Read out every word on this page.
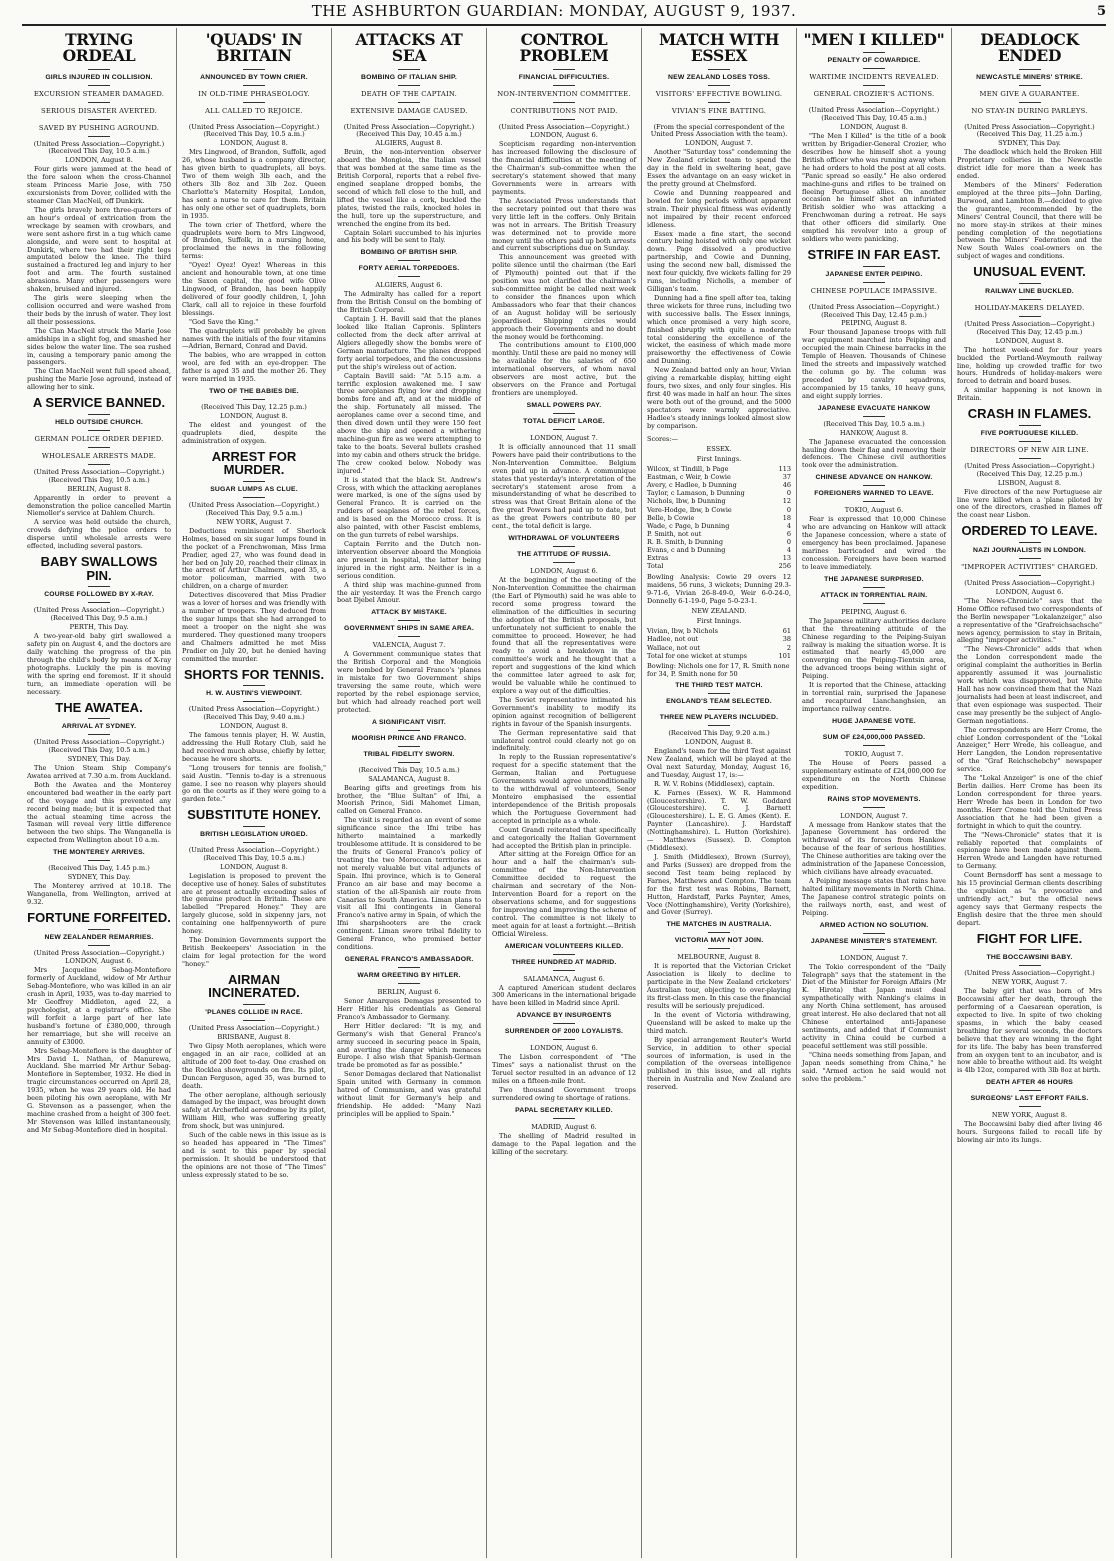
THE ASHBURTON GUARDIAN: MONDAY, AUGUST 9, 1937.	5
TRYING ORDEAL
GIRLS INJURED IN COLLISION.
EXCURSION STEAMER DAMAGED.
SERIOUS DISASTER AVERTED.
SAVED BY PUSHING AGROUND.
(United Press Association—Copyright.) (Received This Day, 10.5 a.m.)
LONDON, August 8.

Four girls were jammed at the head of the fore saloon when the cross-Channel steam Princess Marie Jose, with 750 excursionists from Dover, collided with the steamer Clan MacNeil, off Dunkirk.

The girls bravely bore three-quarters of an hour's ordeal of extrication from the wreckage by seamen with crowbars, and were sent ashore first in a tug which came alongside, and were sent to hospital at Dunkirk, where two had their right legs amputated below the knee. The third sustained a fractured leg and injury to her foot and arm. The fourth sustained abrasions. Many other passengers were shaken, bruised and injured.

The girls were sleeping when the collision occurred and were washed from their beds by the inrush of water. They lost all their possessions.

The Clan MacNeil struck the Marie Jose amidships in a slight fog, and smashed her sides below the water line. The sea rushed in, causing a temporary panic among the passengers.

The Clan MacNeil went full speed ahead, pushing the Marie Jose aground, instead of allowing her to sink.

A SERVICE BANNED.
HELD OUTSIDE CHURCH.
GERMAN POLICE ORDER DEFIED.
WHOLESALE ARRESTS MADE.
(United Press Association—Copyright.) (Received This Day, 10.5 a.m.)
BERLIN, August 8.

Apparently in order to prevent a demonstration the police cancelled Martin Niemoller's service at Dahlem Church.

A service was held outside the church, crowds defying the police orders to disperse until wholesale arrests were effected, including several pastors.

BABY SWALLOWS PIN.
COURSE FOLLOWED BY X-RAY.
(United Press Association—Copyright.) (Received This Day, 9.5 a.m.)
PERTH, This Day.

A two-year-old baby girl swallowed a safety pin on August 4, and the doctors are daily watching the progress of the pin through the child's body by means of X-ray photographs. Luckily the pin is moving with the spring end foremost. If it should turn, an immediate operation will be necessary.

THE AWATEA.
ARRIVAL AT SYDNEY.
(United Press Association—Copyright.) (Received This Day, 10.5 a.m.)
SYDNEY, This Day.

The Union Steam Ship Company's Awatea arrived at 7.30 a.m. from Auckland.

Both the Awatea and the Monterey encountered bad weather in the early part of the voyage and this prevented any record being made; but it is expected that the actual steaming time across the Tasman will reveal very little difference between the two ships. The Wanganella is expected from Wellington about 10 a.m.

THE MONTEREY ARRIVES.
(Received This Day, 1.45 p.m.)
SYDNEY, This Day.

The Monterey arrived at 10.18. The Wanganella, from Wellington, arrived at 9.32.

FORTUNE FORFEITED.
NEW ZEALANDER REMARRIES.
(United Press Association—Copyright.)
LONDON, August 6.

Mrs Jacqueline Sebag-Montefiore formerly of Auckland, widow of Mr Arthur Sebag-Montefiore, who was killed in an air crash in April, 1935, was to-day married to Mr Geoffrey Middleton, aged 22, a psychologist, at a registrar's office. She will forfeit a large part of her late husband's fortune of £380,000, through her remarriage, but she will receive an annuity of £3000.

Mrs Sebag-Montefiore is the daughter of Mrs David L. Nathan, of Manurewa, Auckland. She married Mr Arthur Sebag-Montefiore in September, 1932. He died in tragic circumstances occurred on April 28, 1935, when he was 29 years old. He had been piloting his own aeroplane, with Mr G. Stevenson as a passenger, when the machine crashed from a height of 300 feet. Mr Stevenson was killed instantaneously, and Mr Sebag-Montefiore died in hospital.

'QUADS' IN BRITAIN
ANNOUNCED BY TOWN CRIER.
IN OLD-TIME PHRASEOLOGY.
ALL CALLED TO REJOICE.
(United Press Association—Copyright.) (Received This Day, 10.5 a.m.)
LONDON, August 8.

Mrs Lingwood, of Brandon, Suffolk, aged 26, whose husband is a company director, has given birth to quadruplets, all boys. Two of them weigh 3lb each, and the others 3lb 8oz and 3lb 2oz. Queen Charlotte's Maternity Hospital, London, has sent a nurse to care for them. Britain has only one other set of quadruplets, born in 1935.

The town crier of Thetford, where the quadruplets were born to Mrs Lingwood, of Brandon, Suffolk, in a nursing home, proclaimed the news in the following terms:

"Oyez! Oyez! Oyez! Whereas in this ancient and honourable town, at one time the Saxon capital, the good wife Olive Lingwood, of Brandon, has been happily delivered of four goodly children, I, John Clark, call all to rejoice in these fourfold blessings.

"God Save the King."

The quadruplets will probably be given names with the initials of the four vitamins—Adrian, Bernard, Conrad and David.

The babies, who are wrapped in cotton wool, are fed with an eye-dropper. The father is aged 35 and the mother 26. They were married in 1935.

TWO OF THE BABIES DIE.
(Received This Day, 12.25 p.m.)
LONDON, August 8.

The eldest and youngest of the quadruplets died, despite the administration of oxygen.

ARREST FOR MURDER.
SUGAR LUMPS AS CLUE.
(United Press Association—Copyright.) (Received This Day, 9.5 a.m.)
NEW YORK, August 7.

Deductions reminiscent of Sherlock Holmes, based on six sugar lumps found in the pocket of a Frenchwoman, Miss Irma Pradier, aged 27, who was found dead in her bed on July 20, reached their climax in the arrest of Arthur Chalmers, aged 35, a motor policeman, married with two children, on a charge of murder.

Detectives discovered that Miss Pradier was a lover of horses and was friendly with a number of troopers. They deduced from the sugar lumps that she had arranged to meet a trooper on the night she was murdered. They questioned many troopers and Chalmers admitted he met Miss Pradier on July 20, but he denied having committed the murder.

SHORTS FOR TENNIS.
H. W. AUSTIN'S VIEWPOINT.
(United Press Association—Copyright.) (Received This Day, 9.40 a.m.)
LONDON, August 8.

The famous tennis player, H. W. Austin, addressing the Hull Rotary Club, said he had received much abuse, chiefly by letter, because he wore shorts.

"Long trousers for tennis are foolish," said Austin. "Tennis to-day is a strenuous game. I see no reason why players should go on the courts as if they were going to a garden fete."

SUBSTITUTE HONEY.
BRITISH LEGISLATION URGED.
(United Press Association—Copyright.) (Received This Day, 10.5 a.m.)
LONDON, August 8.

Legislation is proposed to prevent the deceptive use of honey. Sales of substitutes are at present actually exceeding sales of the genuine product in Britain. These are labelled "Prepared Honey." They are largely glucose, sold in sixpenny jars, not containing one halfpennyworth of pure honey.

The Dominion Governments support the British Beekeepers' Association in the claim for legal protection for the word "honey."

AIRMAN INCINERATED.
'PLANES COLLIDE IN RACE.
(United Press Association—Copyright.)
BRISBANE, August 8.

Two Gipsy Moth aeroplanes, which were engaged in an air race, collided at an altitude of 200 feet to-day. One crashed on the Rocklea showgrounds on fire. Its pilot, Duncan Ferguson, aged 35, was burned to death.

The other aeroplane, although seriously damaged by the impact, was brought down safely at Archerfield aerodrome by its pilot, William Hill, who was suffering greatly from shock, but was uninjured.

Such of the cable news in this issue as is so headed has appeared in "The Times" and is sent to this paper by special permission. It should be understood that the opinions are not those of "The Times" unless expressly stated to be so.

ATTACKS AT SEA
BOMBING OF ITALIAN SHIP.
DEATH OF THE CAPTAIN.
EXTENSIVE DAMAGE CAUSED.
(United Press Association—Copyright.) (Received This Day, 10.45 a.m.)
ALGIERS, August 8.

Bruin, the non-intervention observer aboard the Mongioia, the Italian vessel that was bombed at the same time as the British Corporal, reports that a rebel five-engined seaplane dropped bombs, the second of which fell close to the hull, and lifted the vessel like a cork, buckled the plates, twisted the rails, knocked holes in the hull, tore up the superstructure, and wrenched the engine from its bed.

Captain Solari succumbed to his injuries and his body will be sent to Italy.

BOMBING OF BRITISH SHIP.
FORTY AERIAL TORPEDOES.
ALGIERS, August 6.

The Admiralty has called for a report from the British Consul on the bombing of the British Corporal.

Captain J. H. Bavill said that the planes looked like Italian Capronis. Splinters collected from the deck after arrival at Algiers allegedly show the bombs were of German manufacture. The planes dropped forty aerial torpedoes, and the concussions put the ship's wireless out of action.

Captain Bavill said: "At 5.15 a.m. a terrific explosion awakened me. I saw three aeroplanes flying low and dropping bombs fore and aft, and at the middle of the ship. Fortunately all missed. The aeroplanes came over a second time, and then dived down until they were 150 feet above the ship and opened a withering machine-gun fire as we were attempting to take to the boats. Several bullets crashed into my cabin and others struck the bridge. The crew cooked below. Nobody was injured."

It is stated that the black St. Andrew's Cross, with which the attacking aeroplanes were marked, is one of the signs used by General Franco. It is carried on the rudders of seaplanes of the rebel forces, and is based on the Morocco cross. It is also painted, with other Fascist emblems, on the gun turrets of rebel warships.

Captain Ferrito and the Dutch non-intervention observer aboard the Mongioia are present in hospital, the latter being injured in the right arm. Neither is in a serious condition.

A third ship was machine-gunned from the air yesterday. It was the French cargo boat Djebel Amour.

ATTACK BY MISTAKE.
GOVERNMENT SHIPS IN SAME AREA.
VALENCIA, August 7.

A Government communique states that the British Corporal and the Mongioia were bombed by General Franco's 'planes in mistake for two Government ships traversing the same route, which were reported by the rebel espionage service, but which had already reached port well protected.

A SIGNIFICANT VISIT.
MOORISH PRINCE AND FRANCO.
TRIBAL FIDELITY SWORN.
(Received This Day, 10.5 a.m.)
SALAMANCA, August 8.

Bearing gifts and greetings from his brother, the "Blue Sultan" of Ifni, a Moorish Prince, Sidi Mahomet Liman, called on General Franco.

The visit is regarded as an event of some significance since the Ifni tribe has hitherto maintained a markedly troublesome attitude. It is considered to be the fruits of General Franco's policy of treating the two Moroccan territories as not merely valuable but vital adjuncts of Spain. Ifni province, which is to General Franco an air base and may become a station of the all-Spanish air route from Canarias to South America. Liman plans to visit all Ifni contingents in General Franco's native army in Spain, of which the Ifni sharpshooters are the crack contingent. Liman swore tribal fidelity to General Franco, who promised better conditions.

GENERAL FRANCO'S AMBASSADOR.
WARM GREETING BY HITLER.
BERLIN, August 6.

Senor Amarques Demagas presented to Herr Hitler his credentials as General Franco's Ambassador to Germany.

Herr Hitler declared: "It is my, and Germany's wish that General Franco's army succeed in securing peace in Spain, and averting the danger which menaces Europe. I also wish that Spanish-German trade be promoted as far as possible."

Senor Demagas declared that Nationalist Spain united with Germany in common hatred of Communism, and was grateful without limit for Germany's help and friendship. He added: "Many Nazi principles will be applied to Spain."

CONTROL PROBLEM
FINANCIAL DIFFICULTIES.
NON-INTERVENTION COMMITTEE.
CONTRIBUTIONS NOT PAID.
(United Press Association—Copyright.)
LONDON, August 6.

Scepticism regarding non-intervention has increased following the disclosure of the financial difficulties at the meeting of the Chairman's sub-committee when the secretary's statement showed that many Governments were in arrears with payments.

The Associated Press understands that the secretary pointed out that there was very little left in the coffers. Only Britain was not in arrears. The British Treasury was determined not to provide more money until the others paid up both arrests and current subscriptions due on Sunday.

This announcement was greeted with polite silence until the chairman (the Earl of Plymouth) pointed out that if the position was not clarified the chairman's sub-committee might be called next week to consider the finances upon which Ambassadors who fear that their chances of an August holiday will be seriously jeopardised. Shipping circles would approach their Governments and no doubt the money would be forthcoming.

The contributions amount to £100,000 monthly. Until these are paid no money will be available for the salaries of 650 international observers, of whom naval observers are most active, but the observers on the France and Portugal frontiers are unemployed.

SMALL POWERS PAY.
TOTAL DEFICIT LARGE.
LONDON, August 7.

It is officially announced that 11 small Powers have paid their contributions to the Non-Intervention Committee. Belgium even paid up in advance. A communique states that yesterday's interpretation of the secretary's statement arose from a misunderstanding of what he described to stress was that Great Britain alone of the five great Powers had paid up to date, but as the great Powers contribute 80 per cent., the total deficit is large.

WITHDRAWAL OF VOLUNTEERS
THE ATTITUDE OF RUSSIA.
LONDON, August 6.

At the beginning of the meeting of the Non-Intervention Committee the chairman (the Earl of Plymouth) said he was able to record some progress toward the elimination of the difficulties in securing the adoption of the British proposals, but unfortunately not sufficient to enable the committee to proceed. However, he had found that all the representatives were ready to avoid a breakdown in the committee's work and he thought that a report and suggestions of the kind which the committee later agreed to ask for, would be valuable while he continued to explore a way out of the difficulties.

The Soviet representative intimated his Government's inability to modify its opinion against recognition of belligerent rights in favour of the Spanish insurgents.

The German representative said that unilateral control could clearly not go on indefinitely.

In reply to the Russian representative's request for a specific statement that the German, Italian and Portuguese Governments would agree unconditionally to the withdrawal of volunteers, Senor Monteiro emphasised the essential interdependence of the British proposals which the Portuguese Government had accepted in principle as a whole.

Count Grandi reiterated that specifically and categorically the Italian Government had accepted the British plan in principle.

After sitting at the Foreign Office for an hour and a half the chairman's sub-committee of the Non-Intervention Committee decided to request the chairman and secretary of the Non-Intervention Board for a report on the observations scheme, and for suggestions for improving and improving the scheme of control. The committee is not likely to meet again for at least a fortnight.—British Official Wireless.

AMERICAN VOLUNTEERS KILLED.
THREE HUNDRED AT MADRID.
SALAMANCA, August 6.

A captured American student declares 300 Americans in the international brigade have been killed in Madrid since April.

ADVANCE BY INSURGENTS
SURRENDER OF 2000 LOYALISTS.
LONDON, August 6.

The Lisbon correspondent of "The Times" says a nationalist thrust on the Teruel sector resulted in an advance of 12 miles on a fifteen-mile front.

Two thousand Government troops surrendered owing to shortage of rations.

PAPAL SECRETARY KILLED.
MADRID, August 6.

The shelling of Madrid resulted in damage to the Papal legation and the killing of the secretary.

MATCH WITH ESSEX
NEW ZEALAND LOSES TOSS.
VISITORS' EFFECTIVE BOWLING.
VIVIAN'S FINE BATTING.
(From the special correspondent of the United Press Association with the team).
LONDON, August 7.

Another "Saturday toss" condemning the New Zealand cricket team to spend the day in the field in sweltering heat, gave Essex the advantage on an easy wicket in the pretty ground at Chelmsford.

Cowie and Dunning reappeared and bowled for long periods without apparent strain. Their physical fitness was evidently not impaired by their recent enforced idleness.

Essex made a fine start, the second century being hoisted with only one wicket down. Page dissolved a productive partnership, and Cowie and Dunning, using the second new ball, dismissed the next four quickly, five wickets falling for 29 runs, including Nicholls, a member of Gilligan's team.

Dunning had a fine spell after tea, taking three wickets for three runs, including two with successive balls. The Essex innings, which once promised a very high score, finished abruptly with quite a moderate total considering the excellence of the wicket, the easiness of which made more praiseworthy the effectiveness of Cowie and Dunning.

New Zealand batted only an hour, Vivian giving a remarkable display, hitting eight fours, two sixes, and only four singles. His first 40 was made in half an hour. The sixes were both out of the ground, and the 5000 spectators were warmly appreciative. Hadlee's steady innings looked almost slow by comparison.

Scores:—
ESSEX.
First Innings.
Wilcox, st Tindill, b Page	113
Eastman, c Weir, b Cowie	37
Avery, c Hadlee, b Dunning	46
Taylor, c Lamason, b Dunning	0
Nichols, lbw, b Dunning	12
Vere-Hodge, lbw, b Cowie	0
Belle, b Cowie	18
Wade, c Page, b Dunning	4
P. Smith, not out	6
R. B. Smith, b Dunning	0
Evans, c and b Dunning	4
Extras	13
Total	256

Bowling Analysis: Cowie 29 overs 12 maidens, 56 runs, 3 wickets; Dunning 29.3-9-71-6, Vivian 26-8-49-0, Weir 6-0-24-0, Donnelly 6-1-19-0, Page 5-0-23-1.

NEW ZEALAND.
First Innings.
Vivian, lbw, b Nichols	61
Hadlee, not out	38
Wallace, not out	2
Total for one wicket at stumps	101

Bowling: Nichols one for 17, R. Smith none for 34, P. Smith none for 50

THE THIRD TEST MATCH.
ENGLAND'S TEAM SELECTED.
THREE NEW PLAYERS INCLUDED.
(Received This Day, 9.20 a.m.)
LONDON, August 8.

England's team for the third Test against New Zealand, which will be played at the Oval next Saturday, Monday, August 16, and Tuesday, August 17, is:—

R. W. V. Robins (Middlesex), captain.

K. Farnes (Essex). W. R. Hammond (Gloucestershire). T. W. Goddard (Gloucestershire). C. J. Barnett (Gloucestershire). L. E. G. Ames (Kent). E. Paynter (Lancashire). J. Hardstaff (Nottinghamshire). L. Hutton (Yorkshire). — Matthews (Sussex). D. Compton (Middlesex).

J. Smith (Middlesex), Brown (Surrey), and Parks (Sussex) are dropped from the second Test team being replaced by Farnes, Matthews and Compton. The team for the first test was Robins, Barnett, Hutton, Hardstaff, Parks Paynter, Ames, Voce (Nottinghamshire), Verity (Yorkshire), and Gover (Surrey).

THE MATCHES IN AUSTRALIA.
VICTORIA MAY NOT JOIN.
MELBOURNE, August 8.

It is reported that the Victorian Cricket Association is likely to decline to participate in the New Zealand cricketers' Australian tour, objecting to over-playing its first-class men. In this case the financial results will be seriously prejudiced.

In the event of Victoria withdrawing, Queensland will be asked to make up the third match.

By special arrangement Reuter's World Service, in addition to other special sources of information, is used in the compilation of the overseas intelligence published in this issue, and all rights therein in Australia and New Zealand are reserved.

"MEN I KILLED"
PENALTY OF COWARDICE.
WARTIME INCIDENTS REVEALED.
GENERAL CROZIER'S ACTIONS.
(United Press Association—Copyright.) (Received This Day, 10.45 a.m.)
LONDON, August 8.

"The Men I Killed" is the title of a book written by Brigadier-General Crozier, who describes how he himself shot a young British officer who was running away when he had orders to hold the post at all costs. "Panic spread so easily." He also ordered machine-guns and rifles to be trained on fleeing Portuguese allies. On another occasion he himself shot an infuriated British soldier who was attacking a Frenchwoman during a retreat. He says that other officers did similarly. One emptied his revolver into a group of soldiers who were panicking.

STRIFE IN FAR EAST.
JAPANESE ENTER PEIPING.
CHINESE POPULACE IMPASSIVE.
(United Press Association—Copyright.) (Received This Day, 12.45 p.m.)
PEIPING, August 8.

Four thousand Japanese troops with full war equipment marched into Peiping and occupied the main Chinese barracks in the Temple of Heaven. Thousands of Chinese lined the streets and impassively watched the column go by. The column was preceded by cavalry squadrons, accompanied by 15 tanks, 10 heavy guns, and eight supply lorries.

JAPANESE EVACUATE HANKOW
(Received This Day, 10.5 a.m.)
HANKOW, August 8.

The Japanese evacuated the concession hauling down their flag and removing their defences. The Chinese civil authorities took over the administration.

CHINESE ADVANCE ON HANKOW.
FOREIGNERS WARNED TO LEAVE.
TOKIO, August 6.

Fear is expressed that 10,000 Chinese who are advancing on Hankow will attack the Japanese concession, where a state of emergency has been proclaimed. Japanese marines barricaded and wired the concession. Foreigners have been warned to leave immediately.

THE JAPANESE SURPRISED.
ATTACK IN TORRENTIAL RAIN.
PEIPING, August 6.

The Japanese military authorities declare that the threatening attitude of the Chinese regarding to the Peiping-Suiyan railway is making the situation worse. It is estimated that nearly 45,000 are converging on the Peiping-Tientsin area, the advanced troops being within sight of Peiping.

It is reported that the Chinese, attacking in torrential rain, surprised the Japanese and recaptured Lianchanghsien, an importance railway centre.

HUGE JAPANESE VOTE.
SUM OF £24,000,000 PASSED.
TOKIO, August 7.

The House of Peers passed a supplementary estimate of £24,000,000 for expenditure on the North Chinese expedition.

RAINS STOP MOVEMENTS.
LONDON, August 7.

A message from Hankow states that the Japanese Government has ordered the withdrawal of its forces from Hankow because of the fear of serious hostilities. The Chinese authorities are taking over the administration of the Japanese Concession, which civilians have already evacuated.

A Peiping message states that rains have halted military movements in North China. The Japanese control strategic points on the railways north, east, and west of Peiping.

ARMED ACTION NO SOLUTION.
JAPANESE MINISTER'S STATEMENT.
LONDON, August 7.

The Tokio correspondent of the "Daily Telegraph" says that the statement in the Diet of the Minister for Foreign Affairs (Mr K. Hirota) that Japan must deal sympathetically with Nanking's claims in any North China settlement, has aroused great interest. He also declared that not all Chinese entertained anti-Japanese sentiments, and added that if Communist activity in China could be curbed a peaceful settlement was still possible.

"China needs something from Japan, and Japan needs something from China," he said. "Armed action he said would not solve the problem."

DEADLOCK ENDED
NEWCASTLE MINERS' STRIKE.
MEN GIVE A GUARANTEE.
NO STAY-IN DURING PARLEYS.
(United Press Association—Copyright.) (Received This Day, 11.25 a.m.)
SYDNEY, This Day.

The deadlock which held the Broken Hill Proprietary collieries in the Newcastle district idle for more than a week has ended.

Members of the Miners' Federation employed at the three pits—John Darling, Burwood, and Lambton B.—decided to give the guarantee, recommended by the Miners' Central Council, that there will be no more stay-in strikes at their mines pending completion of the negotiations between the Miners' Federation and the New South Wales coal-owners on the subject of wages and conditions.

UNUSUAL EVENT.
RAILWAY LINE BUCKLED.
HOLIDAY-MAKERS DELAYED.
(United Press Association—Copyright.) (Received This Day, 12.45 p.m.)
LONDON, August 8.

The hottest week-end for four years buckled the Portland-Weymouth railway line, holding up crowded traffic for two hours. Hundreds of holiday-makers were forced to detrain and board buses.

A similar happening is not known in Britain.

CRASH IN FLAMES.
FIVE PORTUGUESE KILLED.
DIRECTORS OF NEW AIR LINE.
(United Press Association—Copyright.) (Received This Day, 12.25 p.m.)
LISBON, August 8.

Five directors of the new Portuguese air line were killed when a 'plane piloted by one of the directors, crashed in flames off the coast near Lisbon.

ORDERED TO LEAVE.
NAZI JOURNALISTS IN LONDON.
"IMPROPER ACTIVITIES" CHARGED.
(United Press Association—Copyright.)
LONDON, August 6.

"The News-Chronicle" says that the Home Office refused two correspondents of the Berlin newspaper "Lokalanzeiger," also a representative of the "Grafreichsachsche" news agency, permission to stay in Britain, alleging "improper activities."

"The News-Chronicle" adds that when the London correspondent made the original complaint the authorities in Berlin apparently assumed it was journalistic work which was disapproved, but White Hall has now convinced them that the Nazi journalists had been at least indiscreet, and that even espionage was suspected. Their case may presently be the subject of Anglo-German negotiations.

The correspondents are Herr Crome, the chief London correspondent of the "Lokal Anzeiger," Herr Wrede, his colleague, and Herr Langden, the London representative of the "Graf Reichschebchy" newspaper service.

The "Lokal Anzeiger" is one of the chief Berlin dailies. Herr Crome has been its London correspondent for three years. Herr Wrede has been in London for two months. Herr Crome told the United Press Association that he had been given a fortnight in which to quit the country.

The "News-Chronicle" states that it is reliably reported that complaints of espionage have been made against them. Herren Wrede and Langden have returned to Germany.

Count Bernsdorff has sent a message to his 15 provincial German clients describing the expulsion as "a provocative and unfriendly act," but the official news agency says that Germany respects the English desire that the three men should depart.

FIGHT FOR LIFE.
THE BOCCAWSINI BABY.
(United Press Association—Copyright.)
NEW YORK, August 7.

The baby girl that was born of Mrs Boccawsini after her death, through the performing of a Caesarean operation, is expected to live. In spite of two choking spasms, in which the baby ceased breathing for several seconds, the doctors believe that they are winning in the fight for its life. The baby has been transferred from an oxygen tent to an incubator, and is now able to breathe without aid. Its weight is 4lb 12oz, compared with 3lb 8oz at birth.

DEATH AFTER 46 HOURS
SURGEONS' LAST EFFORT FAILS.
NEW YORK, August 8.

The Boccawsini baby died after living 46 hours. Surgeons failed to recall life by blowing air into its lungs.
